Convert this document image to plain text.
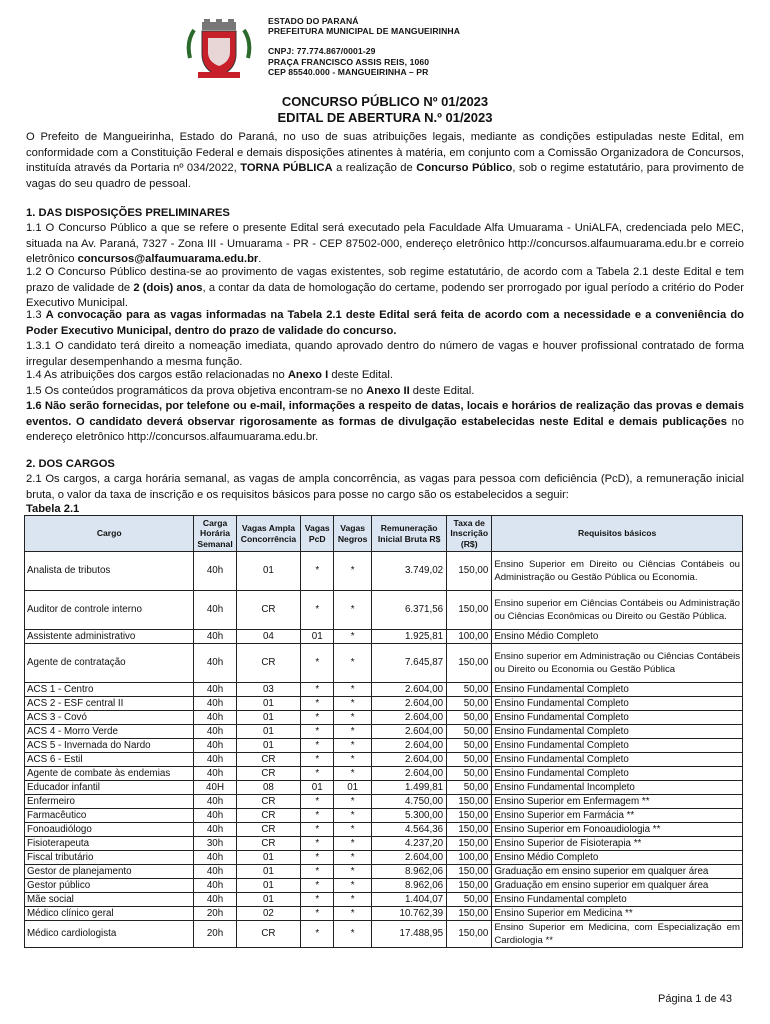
ESTADO DO PARANÁ
PREFEITURA MUNICIPAL DE MANGUEIRINHA
CNPJ: 77.774.867/0001-29
PRAÇA FRANCISCO ASSIS REIS, 1060
CEP 85540.000 - MANGUEIRINHA – PR
CONCURSO PÚBLICO Nº 01/2023
EDITAL DE ABERTURA N.º 01/2023

O Prefeito de Mangueirinha, Estado do Paraná, no uso de suas atribuições legais, mediante as condições estipuladas neste Edital, em conformidade com a Constituição Federal e demais disposições atinentes à matéria, em conjunto com a Comissão Organizadora de Concursos, instituída através da Portaria nº 034/2022, TORNA PÚBLICA a realização de Concurso Público, sob o regime estatutário, para provimento de vagas do seu quadro de pessoal.

1. DAS DISPOSIÇÕES PRELIMINARES

1.1 O Concurso Público a que se refere o presente Edital será executado pela Faculdade Alfa Umuarama - UniALFA, credenciada pelo MEC, situada na Av. Paraná, 7327 - Zona III - Umuarama - PR - CEP 87502-000, endereço eletrônico http://concursos.alfaumuarama.edu.br e correio eletrônico concursos@alfaumuarama.edu.br.

1.2 O Concurso Público destina-se ao provimento de vagas existentes, sob regime estatutário, de acordo com a Tabela 2.1 deste Edital e tem prazo de validade de 2 (dois) anos, a contar da data de homologação do certame, podendo ser prorrogado por igual período a critério do Poder Executivo Municipal.

1.3 A convocação para as vagas informadas na Tabela 2.1 deste Edital será feita de acordo com a necessidade e a conveniência do Poder Executivo Municipal, dentro do prazo de validade do concurso.

1.3.1 O candidato terá direito a nomeação imediata, quando aprovado dentro do número de vagas e houver profissional contratado de forma irregular desempenhando a mesma função.

1.4 As atribuições dos cargos estão relacionadas no Anexo I deste Edital.

1.5 Os conteúdos programáticos da prova objetiva encontram-se no Anexo II deste Edital.

1.6 Não serão fornecidas, por telefone ou e-mail, informações a respeito de datas, locais e horários de realização das provas e demais eventos. O candidato deverá observar rigorosamente as formas de divulgação estabelecidas neste Edital e demais publicações no endereço eletrônico http://concursos.alfaumuarama.edu.br.

2. DOS CARGOS

2.1 Os cargos, a carga horária semanal, as vagas de ampla concorrência, as vagas para pessoa com deficiência (PcD), a remuneração inicial bruta, o valor da taxa de inscrição e os requisitos básicos para posse no cargo são os estabelecidos a seguir:

Tabela 2.1
Cargo	Carga Horária Semanal	Vagas Ampla Concorrência	Vagas PcD	Vagas Negros	Remuneração Inicial Bruta R$	Taxa de Inscrição (R$)	Requisitos básicos
Analista de tributos	40h	01	*	*	3.749,02	150,00	Ensino Superior em Direito ou Ciências Contábeis ou Administração ou Gestão Pública ou Economia.
Auditor de controle interno	40h	CR	*	*	6.371,56	150,00	Ensino superior em Ciências Contábeis ou Administração ou Ciências Econômicas ou Direito ou Gestão Pública.
Assistente administrativo	40h	04	01	*	1.925,81	100,00	Ensino Médio Completo
Agente de contratação	40h	CR	*	*	7.645,87	150,00	Ensino superior em Administração ou Ciências Contábeis ou Direito ou Economia ou Gestão Pública
ACS 1 - Centro	40h	03	*	*	2.604,00	50,00	Ensino Fundamental Completo
ACS 2 - ESF central II	40h	01	*	*	2.604,00	50,00	Ensino Fundamental Completo
ACS 3 - Covó	40h	01	*	*	2.604,00	50,00	Ensino Fundamental Completo
ACS 4 - Morro Verde	40h	01	*	*	2.604,00	50,00	Ensino Fundamental Completo
ACS 5 - Invernada do Nardo	40h	01	*	*	2.604,00	50,00	Ensino Fundamental Completo
ACS 6 - Estil	40h	CR	*	*	2.604,00	50,00	Ensino Fundamental Completo
Agente de combate às endemias	40h	CR	*	*	2.604,00	50,00	Ensino Fundamental Completo
Educador infantil	40H	08	01	01	1.499,81	50,00	Ensino Fundamental Incompleto
Enfermeiro	40h	CR	*	*	4.750,00	150,00	Ensino Superior em Enfermagem **
Farmacêutico	40h	CR	*	*	5.300,00	150,00	Ensino Superior em Farmácia **
Fonoaudiólogo	40h	CR	*	*	4.564,36	150,00	Ensino Superior em Fonoaudiologia **
Fisioterapeuta	30h	CR	*	*	4.237,20	150,00	Ensino Superior de Fisioterapia **
Fiscal tributário	40h	01	*	*	2.604,00	100,00	Ensino Médio Completo
Gestor de planejamento	40h	01	*	*	8.962,06	150,00	Graduação em ensino superior em qualquer área
Gestor público	40h	01	*	*	8.962,06	150,00	Graduação em ensino superior em qualquer área
Mãe social	40h	01	*	*	1.404,07	50,00	Ensino Fundamental completo
Médico clínico geral	20h	02	*	*	10.762,39	150,00	Ensino Superior em Medicina **
Médico cardiologista	20h	CR	*	*	17.488,95	150,00	Ensino Superior em Medicina, com Especialização em Cardiologia **
Página 1 de 43
